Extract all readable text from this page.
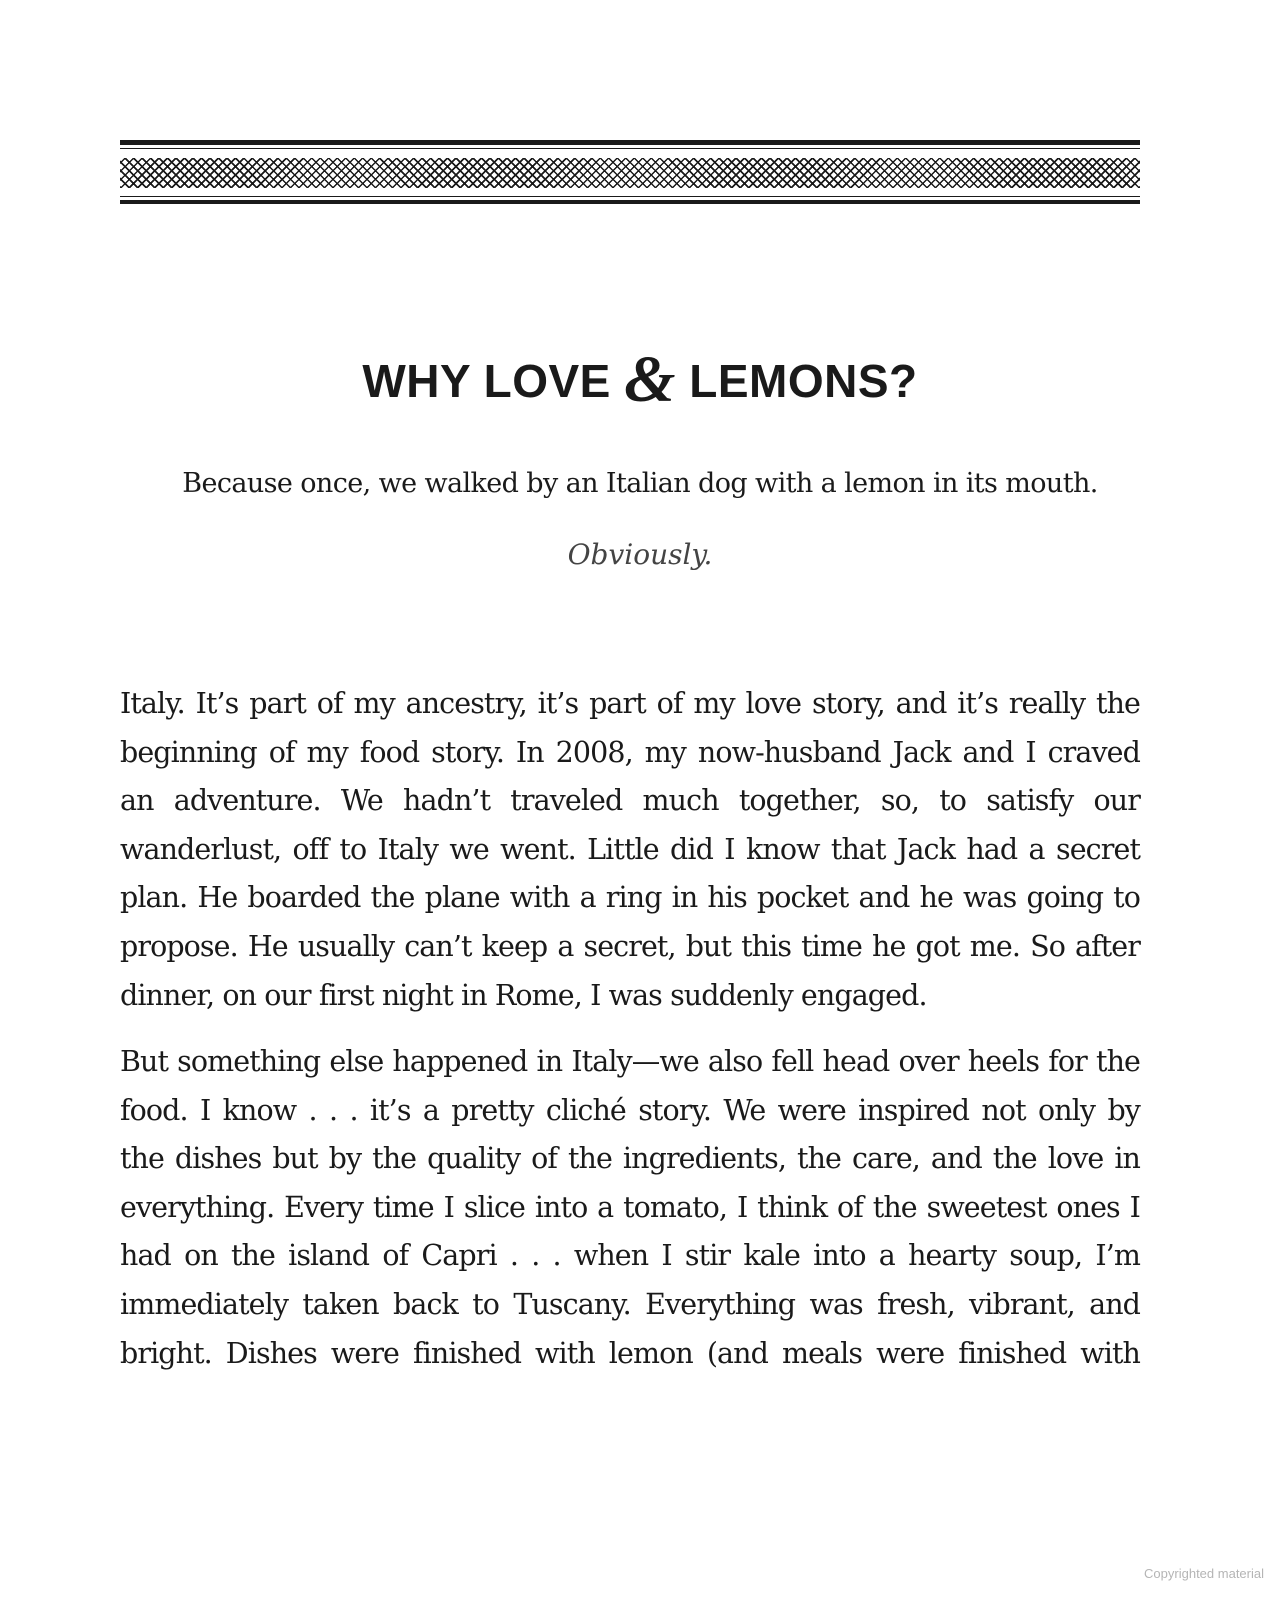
WHY LOVE & LEMONS?
Because once, we walked by an Italian dog with a lemon in its mouth.
Obviously.
Italy. It’s part of my ancestry, it’s part of my love story, and it’s really the
beginning of my food story. In 2008, my now-husband Jack and I craved
an adventure. We hadn’t traveled much together, so, to satisfy our
wanderlust, off to Italy we went. Little did I know that Jack had a secret
plan. He boarded the plane with a ring in his pocket and he was going to
propose. He usually can’t keep a secret, but this time he got me. So after
dinner, on our first night in Rome, I was suddenly engaged.
But something else happened in Italy—we also fell head over heels for the
food. I know . . . it’s a pretty cliché story. We were inspired not only by
the dishes but by the quality of the ingredients, the care, and the love in
everything. Every time I slice into a tomato, I think of the sweetest ones I
had on the island of Capri . . . when I stir kale into a hearty soup, I’m
immediately taken back to Tuscany. Everything was fresh, vibrant, and
bright. Dishes were finished with lemon (and meals were finished with
Copyrighted material
